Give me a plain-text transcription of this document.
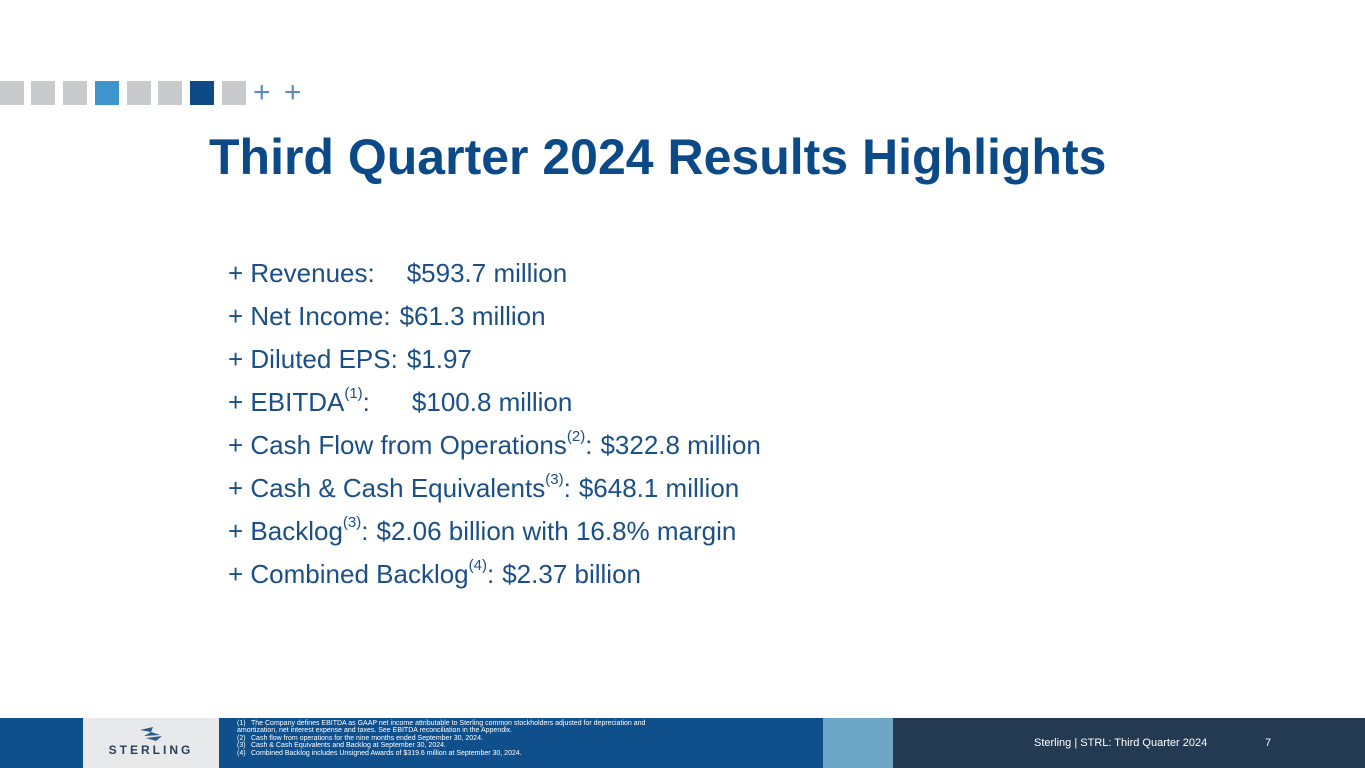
+ +
Third Quarter 2024 Results Highlights
+ Revenues: $593.7 million
+ Net Income: $61.3 million
+ Diluted EPS: $1.97
+ $EBITDA^{(1)}$: $100.8 million
+ Cash Flow from Operations$^{(2)}$: $322.8 million
+ Cash & Cash Equivalents$^{(3)}$: $648.1 million
+ Backlog$^{(3)}$: $2.06 billion with 16.8% margin
+ Combined Backlog$^{(4)}$: $2.37 billion
STERLING
(1) The Company defines EBITDA as GAAP net income attributable to Sterling common stockholders adjusted for depreciation and
amortization, net interest expense and taxes. See EBITDA reconciliation in the Appendix.
(2) Cash flow from operations for the nine months ended September 30, 2024.
(3) Cash & Cash Equivalents and Backlog at September 30, 2024.
(4) Combined Backlog includes Unsigned Awards of $319.6 million at September 30, 2024.
Sterling | STRL: Third Quarter 2024	7
